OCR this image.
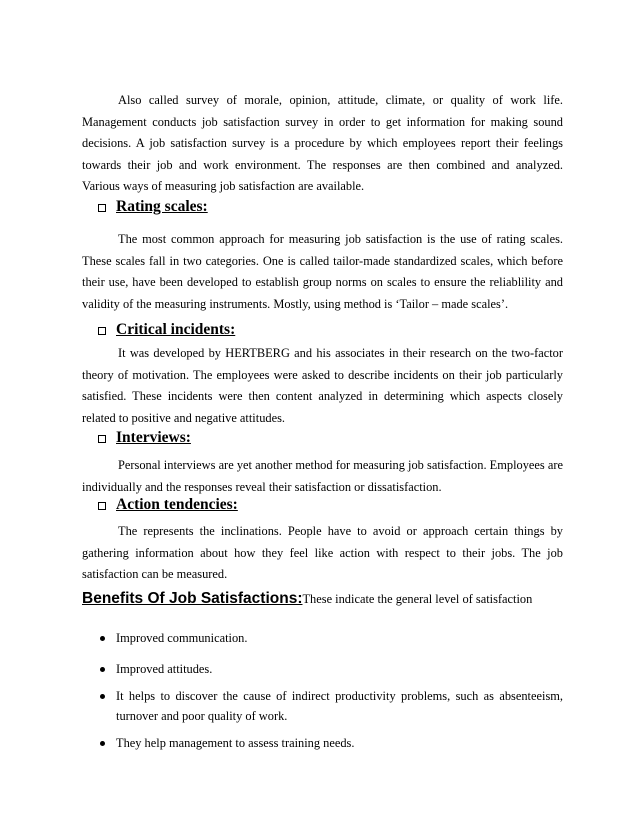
Also called survey of morale, opinion, attitude, climate, or quality of work life. Management conducts job satisfaction survey in order to get information for making sound decisions. A job satisfaction survey is a procedure by which employees report their feelings towards their job and work environment. The responses are then combined and analyzed. Various ways of measuring job satisfaction are available.

Rating scales:

The most common approach for measuring job satisfaction is the use of rating scales. These scales fall in two categories. One is called tailor-made standardized scales, which before their use, have been developed to establish group norms on scales to ensure the reliablility and validity of the measuring instruments. Mostly, using method is ‘Tailor – made scales’.

Critical incidents:

It was developed by HERTBERG and his associates in their research on the two-factor theory of motivation. The employees were asked to describe incidents on their job particularly satisfied. These incidents were then content analyzed in determining which aspects closely related to positive and negative attitudes.

Interviews:

Personal interviews are yet another method for measuring job satisfaction. Employees are individually and the responses reveal their satisfaction or dissatisfaction.

Action tendencies:

The represents the inclinations. People have to avoid or approach certain things by gathering information about how they feel like action with respect to their jobs. The job satisfaction can be measured.

Benefits Of Job Satisfactions:These indicate the general level of satisfaction
Improved communication.
Improved attitudes.
It helps to discover the cause of indirect productivity problems, such as absenteeism, turnover and poor quality of work.
They help management to assess training needs.
